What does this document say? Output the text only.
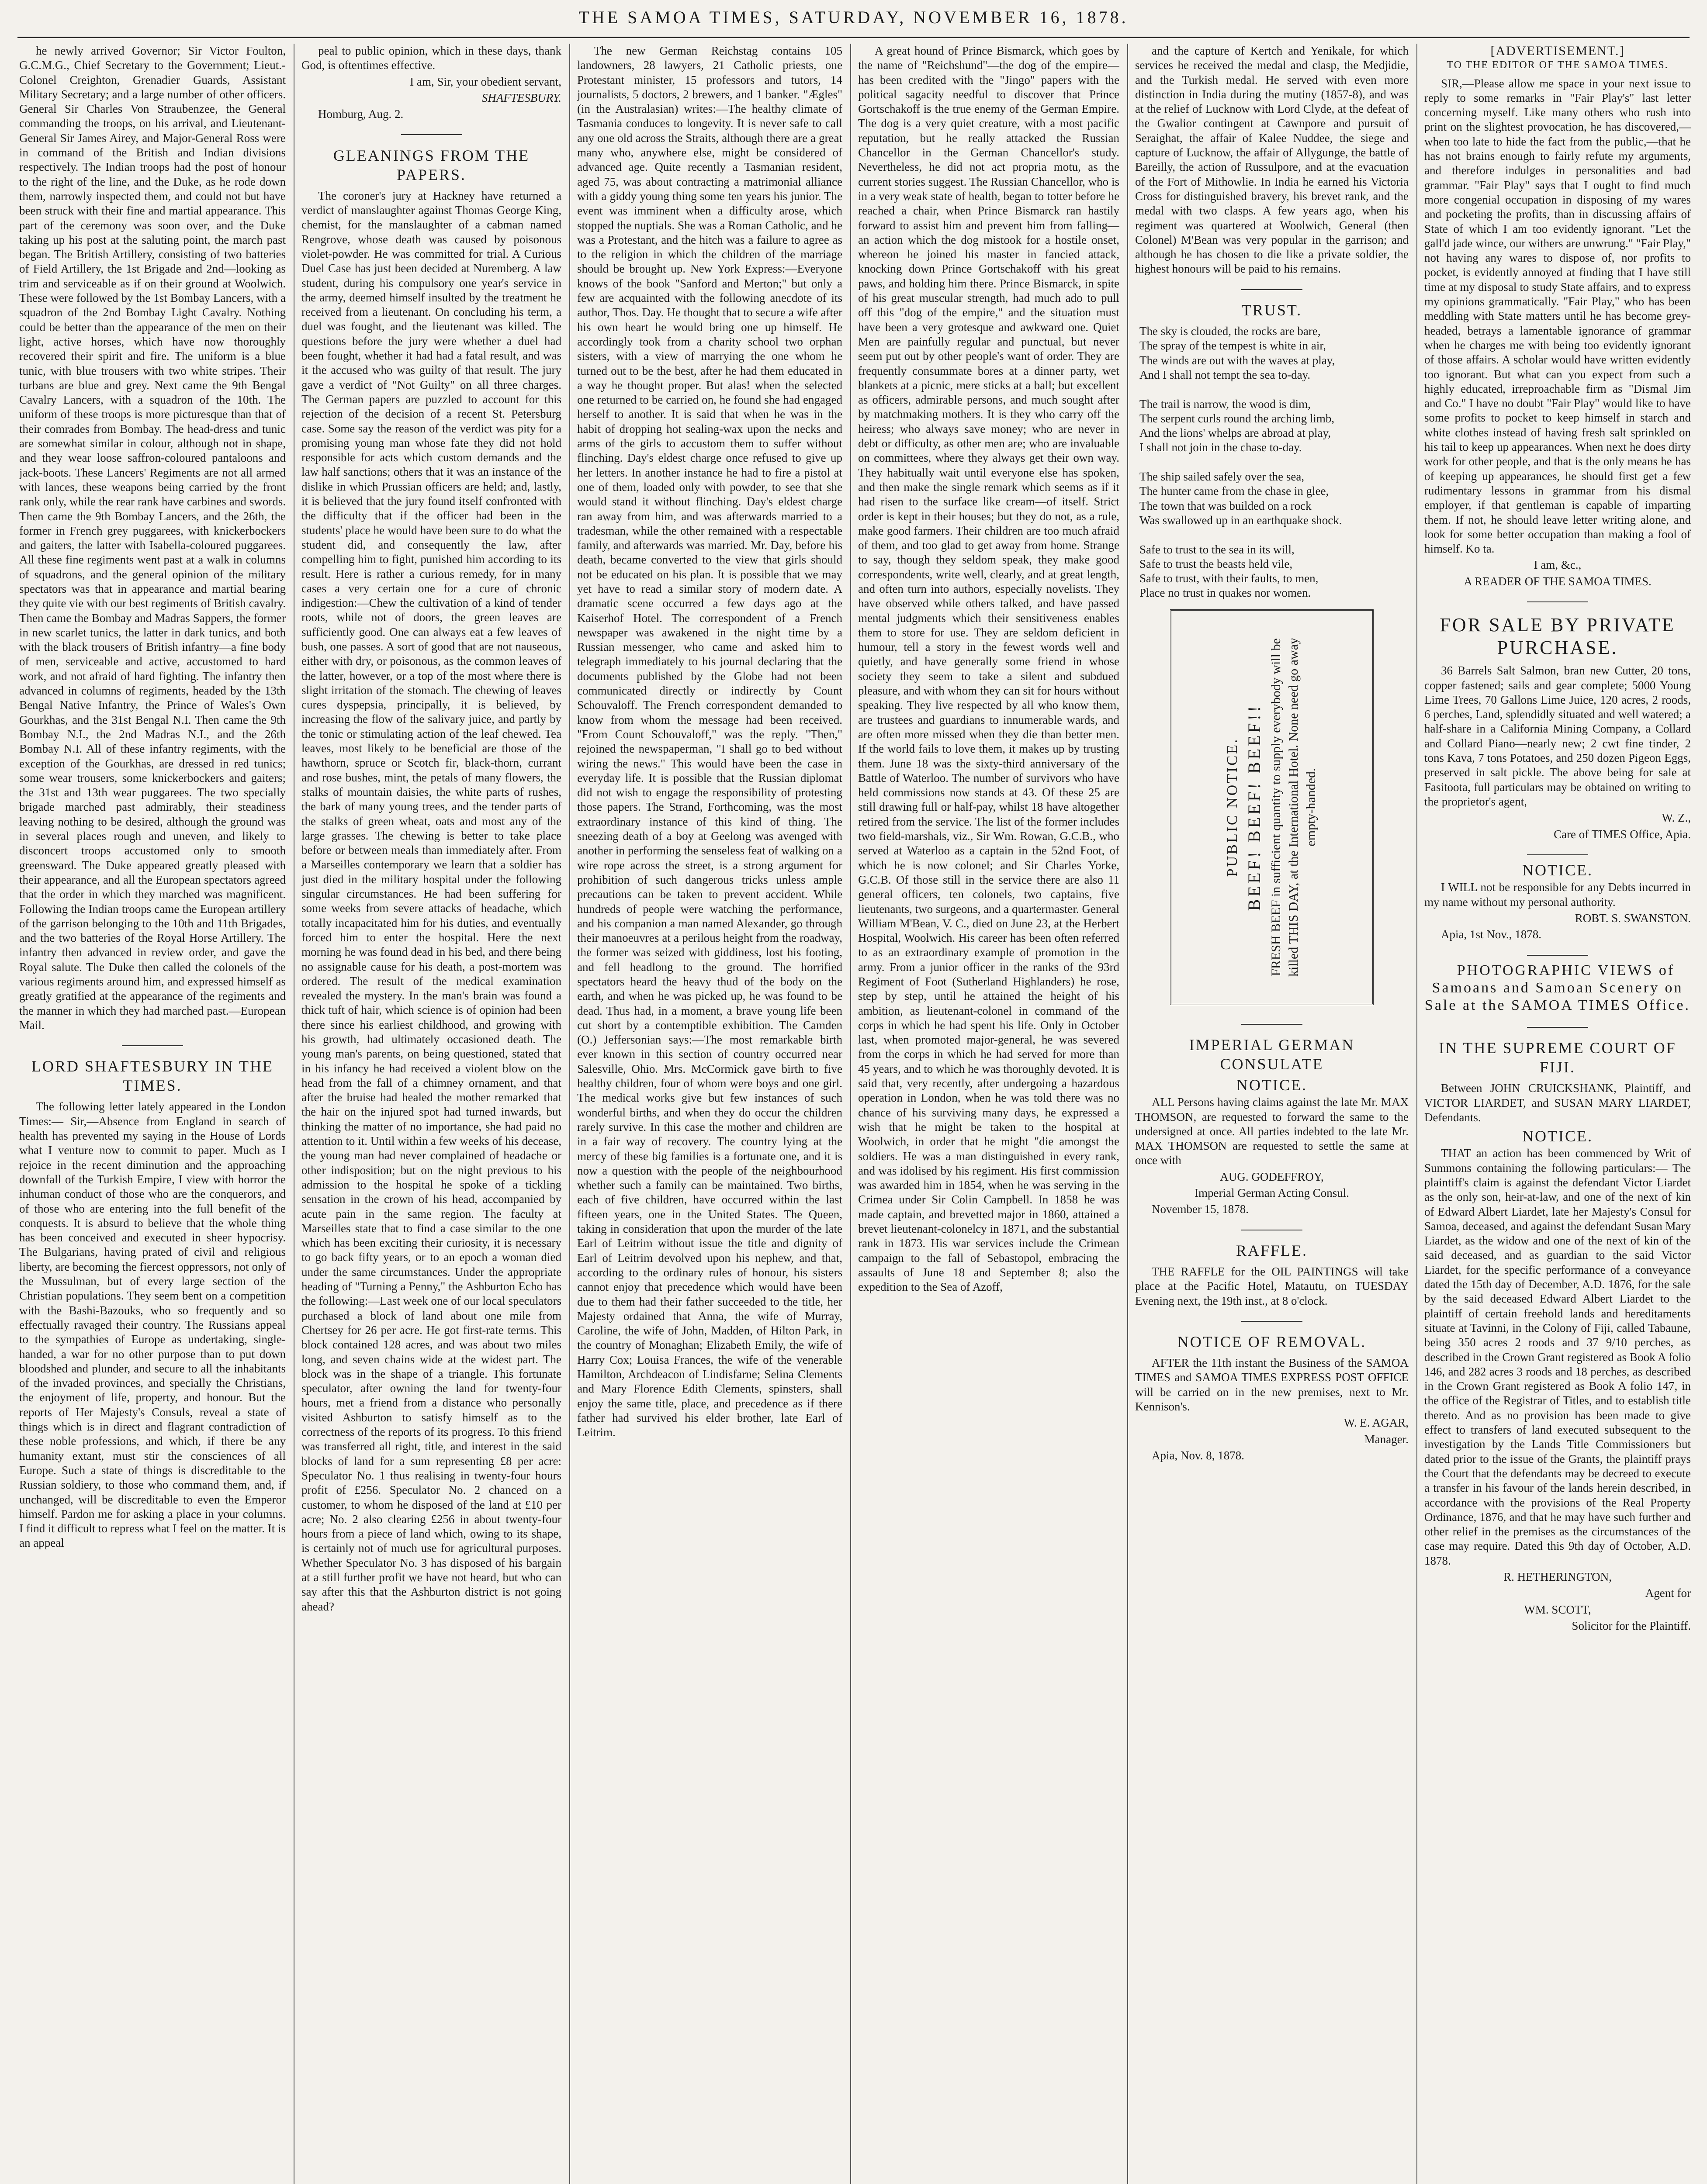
THE SAMOA TIMES, SATURDAY, NOVEMBER 16, 1878.

he newly arrived Governor; Sir Victor Foulton, G.C.M.G., Chief Secretary to the Government; Lieut.-Colonel Creighton, Grenadier Guards, Assistant Military Secretary; and a large number of other officers. General Sir Charles Von Straubenzee, the General commanding the troops, on his arrival, and Lieutenant-General Sir James Airey, and Major-General Ross were in command of the British and Indian divisions respectively. The Indian troops had the post of honour to the right of the line, and the Duke, as he rode down them, narrowly inspected them, and could not but have been struck with their fine and martial appearance. This part of the ceremony was soon over, and the Duke taking up his post at the saluting point, the march past began. The British Artillery, consisting of two batteries of Field Artillery, the 1st Brigade and 2nd—looking as trim and serviceable as if on their ground at Woolwich. These were followed by the 1st Bombay Lancers, with a squadron of the 2nd Bombay Light Cavalry. Nothing could be better than the appearance of the men on their light, active horses, which have now thoroughly recovered their spirit and fire. The uniform is a blue tunic, with blue trousers with two white stripes. Their turbans are blue and grey. Next came the 9th Bengal Cavalry Lancers, with a squadron of the 10th. The uniform of these troops is more picturesque than that of their comrades from Bombay. The head-dress and tunic are somewhat similar in colour, although not in shape, and they wear loose saffron-coloured pantaloons and jack-boots. These Lancers' Regiments are not all armed with lances, these weapons being carried by the front rank only, while the rear rank have carbines and swords. Then came the 9th Bombay Lancers, and the 26th, the former in French grey puggarees, with knickerbockers and gaiters, the latter with Isabella-coloured puggarees. All these fine regiments went past at a walk in columns of squadrons, and the general opinion of the military spectators was that in appearance and martial bearing they quite vie with our best regiments of British cavalry. Then came the Bombay and Madras Sappers, the former in new scarlet tunics, the latter in dark tunics, and both with the black trousers of British infantry—a fine body of men, serviceable and active, accustomed to hard work, and not afraid of hard fighting. The infantry then advanced in columns of regiments, headed by the 13th Bengal Native Infantry, the Prince of Wales's Own Gourkhas, and the 31st Bengal N.I. Then came the 9th Bombay N.I., the 2nd Madras N.I., and the 26th Bombay N.I. All of these infantry regiments, with the exception of the Gourkhas, are dressed in red tunics; some wear trousers, some knickerbockers and gaiters; the 31st and 13th wear puggarees. The two specially brigade marched past admirably, their steadiness leaving nothing to be desired, although the ground was in several places rough and uneven, and likely to disconcert troops accustomed only to smooth greensward. The Duke appeared greatly pleased with their appearance, and all the European spectators agreed that the order in which they marched was magnificent. Following the Indian troops came the European artillery of the garrison belonging to the 10th and 11th Brigades, and the two batteries of the Royal Horse Artillery. The infantry then advanced in review order, and gave the Royal salute. The Duke then called the colonels of the various regiments around him, and expressed himself as greatly gratified at the appearance of the regiments and the manner in which they had marched past.—European Mail.

LORD SHAFTESBURY IN THE TIMES.

The following letter lately appeared in the London Times:— Sir,—Absence from England in search of health has prevented my saying in the House of Lords what I venture now to commit to paper. Much as I rejoice in the recent diminution and the approaching downfall of the Turkish Empire, I view with horror the inhuman conduct of those who are the conquerors, and of those who are entering into the full benefit of the conquests. It is absurd to believe that the whole thing has been conceived and executed in sheer hypocrisy. The Bulgarians, having prated of civil and religious liberty, are becoming the fiercest oppressors, not only of the Mussulman, but of every large section of the Christian populations. They seem bent on a competition with the Bashi-Bazouks, who so frequently and so effectually ravaged their country. The Russians appeal to the sympathies of Europe as undertaking, single-handed, a war for no other purpose than to put down bloodshed and plunder, and secure to all the inhabitants of the invaded provinces, and specially the Christians, the enjoyment of life, property, and honour. But the reports of Her Majesty's Consuls, reveal a state of things which is in direct and flagrant contradiction of these noble professions, and which, if there be any humanity extant, must stir the consciences of all Europe. Such a state of things is discreditable to the Russian soldiery, to those who command them, and, if unchanged, will be discreditable to even the Emperor himself. Pardon me for asking a place in your columns. I find it difficult to repress what I feel on the matter. It is an appeal

peal to public opinion, which in these days, thank God, is oftentimes effective.

I am, Sir, your obedient servant,

SHAFTESBURY.

Homburg, Aug. 2.

GLEANINGS FROM THE PAPERS.

The coroner's jury at Hackney have returned a verdict of manslaughter against Thomas George King, chemist, for the manslaughter of a cabman named Rengrove, whose death was caused by poisonous violet-powder. He was committed for trial. A Curious Duel Case has just been decided at Nuremberg. A law student, during his compulsory one year's service in the army, deemed himself insulted by the treatment he received from a lieutenant. On concluding his term, a duel was fought, and the lieutenant was killed. The questions before the jury were whether a duel had been fought, whether it had had a fatal result, and was it the accused who was guilty of that result. The jury gave a verdict of "Not Guilty" on all three charges. The German papers are puzzled to account for this rejection of the decision of a recent St. Petersburg case. Some say the reason of the verdict was pity for a promising young man whose fate they did not hold responsible for acts which custom demands and the law half sanctions; others that it was an instance of the dislike in which Prussian officers are held; and, lastly, it is believed that the jury found itself confronted with the difficulty that if the officer had been in the students' place he would have been sure to do what the student did, and consequently the law, after compelling him to fight, punished him according to its result. Here is rather a curious remedy, for in many cases a very certain one for a cure of chronic indigestion:—Chew the cultivation of a kind of tender roots, while not of doors, the green leaves are sufficiently good. One can always eat a few leaves of bush, one passes. A sort of good that are not nauseous, either with dry, or poisonous, as the common leaves of the latter, however, or a top of the most where there is slight irritation of the stomach. The chewing of leaves cures dyspepsia, principally, it is believed, by increasing the flow of the salivary juice, and partly by the tonic or stimulating action of the leaf chewed. Tea leaves, most likely to be beneficial are those of the hawthorn, spruce or Scotch fir, black-thorn, currant and rose bushes, mint, the petals of many flowers, the stalks of mountain daisies, the white parts of rushes, the bark of many young trees, and the tender parts of the stalks of green wheat, oats and most any of the large grasses. The chewing is better to take place before or between meals than immediately after. From a Marseilles contemporary we learn that a soldier has just died in the military hospital under the following singular circumstances. He had been suffering for some weeks from severe attacks of headache, which totally incapacitated him for his duties, and eventually forced him to enter the hospital. Here the next morning he was found dead in his bed, and there being no assignable cause for his death, a post-mortem was ordered. The result of the medical examination revealed the mystery. In the man's brain was found a thick tuft of hair, which science is of opinion had been there since his earliest childhood, and growing with his growth, had ultimately occasioned death. The young man's parents, on being questioned, stated that in his infancy he had received a violent blow on the head from the fall of a chimney ornament, and that after the bruise had healed the mother remarked that the hair on the injured spot had turned inwards, but thinking the matter of no importance, she had paid no attention to it. Until within a few weeks of his decease, the young man had never complained of headache or other indisposition; but on the night previous to his admission to the hospital he spoke of a tickling sensation in the crown of his head, accompanied by acute pain in the same region. The faculty at Marseilles state that to find a case similar to the one which has been exciting their curiosity, it is necessary to go back fifty years, or to an epoch a woman died under the same circumstances. Under the appropriate heading of "Turning a Penny," the Ashburton Echo has the following:—Last week one of our local speculators purchased a block of land about one mile from Chertsey for 26 per acre. He got first-rate terms. This block contained 128 acres, and was about two miles long, and seven chains wide at the widest part. The block was in the shape of a triangle. This fortunate speculator, after owning the land for twenty-four hours, met a friend from a distance who personally visited Ashburton to satisfy himself as to the correctness of the reports of its progress. To this friend was transferred all right, title, and interest in the said blocks of land for a sum representing £8 per acre: Speculator No. 1 thus realising in twenty-four hours profit of £256. Speculator No. 2 chanced on a customer, to whom he disposed of the land at £10 per acre; No. 2 also clearing £256 in about twenty-four hours from a piece of land which, owing to its shape, is certainly not of much use for agricultural purposes. Whether Speculator No. 3 has disposed of his bargain at a still further profit we have not heard, but who can say after this that the Ashburton district is not going ahead?

The new German Reichstag contains 105 landowners, 28 lawyers, 21 Catholic priests, one Protestant minister, 15 professors and tutors, 14 journalists, 5 doctors, 2 brewers, and 1 banker. "Ægles" (in the Australasian) writes:—The healthy climate of Tasmania conduces to longevity. It is never safe to call any one old across the Straits, although there are a great many who, anywhere else, might be considered of advanced age. Quite recently a Tasmanian resident, aged 75, was about contracting a matrimonial alliance with a giddy young thing some ten years his junior. The event was imminent when a difficulty arose, which stopped the nuptials. She was a Roman Catholic, and he was a Protestant, and the hitch was a failure to agree as to the religion in which the children of the marriage should be brought up. New York Express:—Everyone knows of the book "Sanford and Merton;" but only a few are acquainted with the following anecdote of its author, Thos. Day. He thought that to secure a wife after his own heart he would bring one up himself. He accordingly took from a charity school two orphan sisters, with a view of marrying the one whom he turned out to be the best, after he had them educated in a way he thought proper. But alas! when the selected one returned to be carried on, he found she had engaged herself to another. It is said that when he was in the habit of dropping hot sealing-wax upon the necks and arms of the girls to accustom them to suffer without flinching. Day's eldest charge once refused to give up her letters. In another instance he had to fire a pistol at one of them, loaded only with powder, to see that she would stand it without flinching. Day's eldest charge ran away from him, and was afterwards married to a tradesman, while the other remained with a respectable family, and afterwards was married. Mr. Day, before his death, became converted to the view that girls should not be educated on his plan. It is possible that we may yet have to read a similar story of modern date. A dramatic scene occurred a few days ago at the Kaiserhof Hotel. The correspondent of a French newspaper was awakened in the night time by a Russian messenger, who came and asked him to telegraph immediately to his journal declaring that the documents published by the Globe had not been communicated directly or indirectly by Count Schouvaloff. The French correspondent demanded to know from whom the message had been received. "From Count Schouvaloff," was the reply. "Then," rejoined the newspaperman, "I shall go to bed without wiring the news." This would have been the case in everyday life. It is possible that the Russian diplomat did not wish to engage the responsibility of protesting those papers. The Strand, Forthcoming, was the most extraordinary instance of this kind of thing. The sneezing death of a boy at Geelong was avenged with another in performing the senseless feat of walking on a wire rope across the street, is a strong argument for prohibition of such dangerous tricks unless ample precautions can be taken to prevent accident. While hundreds of people were watching the performance, and his companion a man named Alexander, go through their manoeuvres at a perilous height from the roadway, the former was seized with giddiness, lost his footing, and fell headlong to the ground. The horrified spectators heard the heavy thud of the body on the earth, and when he was picked up, he was found to be dead. Thus had, in a moment, a brave young life been cut short by a contemptible exhibition. The Camden (O.) Jeffersonian says:—The most remarkable birth ever known in this section of country occurred near Salesville, Ohio. Mrs. McCormick gave birth to five healthy children, four of whom were boys and one girl. The medical works give but few instances of such wonderful births, and when they do occur the children rarely survive. In this case the mother and children are in a fair way of recovery. The country lying at the mercy of these big families is a fortunate one, and it is now a question with the people of the neighbourhood whether such a family can be maintained. Two births, each of five children, have occurred within the last fifteen years, one in the United States. The Queen, taking in consideration that upon the murder of the late Earl of Leitrim without issue the title and dignity of Earl of Leitrim devolved upon his nephew, and that, according to the ordinary rules of honour, his sisters cannot enjoy that precedence which would have been due to them had their father succeeded to the title, her Majesty ordained that Anna, the wife of Murray, Caroline, the wife of John, Madden, of Hilton Park, in the country of Monaghan; Elizabeth Emily, the wife of Harry Cox; Louisa Frances, the wife of the venerable Hamilton, Archdeacon of Lindisfarne; Selina Clements and Mary Florence Edith Clements, spinsters, shall enjoy the same title, place, and precedence as if there father had survived his elder brother, late Earl of Leitrim.

A great hound of Prince Bismarck, which goes by the name of "Reichshund"—the dog of the empire—has been credited with the "Jingo" papers with the political sagacity needful to discover that Prince Gortschakoff is the true enemy of the German Empire. The dog is a very quiet creature, with a most pacific reputation, but he really attacked the Russian Chancellor in the German Chancellor's study. Nevertheless, he did not act propria motu, as the current stories suggest. The Russian Chancellor, who is in a very weak state of health, began to totter before he reached a chair, when Prince Bismarck ran hastily forward to assist him and prevent him from falling—an action which the dog mistook for a hostile onset, whereon he joined his master in fancied attack, knocking down Prince Gortschakoff with his great paws, and holding him there. Prince Bismarck, in spite of his great muscular strength, had much ado to pull off this "dog of the empire," and the situation must have been a very grotesque and awkward one. Quiet Men are painfully regular and punctual, but never seem put out by other people's want of order. They are frequently consummate bores at a dinner party, wet blankets at a picnic, mere sticks at a ball; but excellent as officers, admirable persons, and much sought after by matchmaking mothers. It is they who carry off the heiress; who always save money; who are never in debt or difficulty, as other men are; who are invaluable on committees, where they always get their own way. They habitually wait until everyone else has spoken, and then make the single remark which seems as if it had risen to the surface like cream—of itself. Strict order is kept in their houses; but they do not, as a rule, make good farmers. Their children are too much afraid of them, and too glad to get away from home. Strange to say, though they seldom speak, they make good correspondents, write well, clearly, and at great length, and often turn into authors, especially novelists. They have observed while others talked, and have passed mental judgments which their sensitiveness enables them to store for use. They are seldom deficient in humour, tell a story in the fewest words well and quietly, and have generally some friend in whose society they seem to take a silent and subdued pleasure, and with whom they can sit for hours without speaking. They live respected by all who know them, are trustees and guardians to innumerable wards, and are often more missed when they die than better men. If the world fails to love them, it makes up by trusting them. June 18 was the sixty-third anniversary of the Battle of Waterloo. The number of survivors who have held commissions now stands at 43. Of these 25 are still drawing full or half-pay, whilst 18 have altogether retired from the service. The list of the former includes two field-marshals, viz., Sir Wm. Rowan, G.C.B., who served at Waterloo as a captain in the 52nd Foot, of which he is now colonel; and Sir Charles Yorke, G.C.B. Of those still in the service there are also 11 general officers, ten colonels, two captains, five lieutenants, two surgeons, and a quartermaster. General William M'Bean, V. C., died on June 23, at the Herbert Hospital, Woolwich. His career has been often referred to as an extraordinary example of promotion in the army. From a junior officer in the ranks of the 93rd Regiment of Foot (Sutherland Highlanders) he rose, step by step, until he attained the height of his ambition, as lieutenant-colonel in command of the corps in which he had spent his life. Only in October last, when promoted major-general, he was severed from the corps in which he had served for more than 45 years, and to which he was thoroughly devoted. It is said that, very recently, after undergoing a hazardous operation in London, when he was told there was no chance of his surviving many days, he expressed a wish that he might be taken to the hospital at Woolwich, in order that he might "die amongst the soldiers. He was a man distinguished in every rank, and was idolised by his regiment. His first commission was awarded him in 1854, when he was serving in the Crimea under Sir Colin Campbell. In 1858 he was made captain, and brevetted major in 1860, attained a brevet lieutenant-colonelcy in 1871, and the substantial rank in 1873. His war services include the Crimean campaign to the fall of Sebastopol, embracing the assaults of June 18 and September 8; also the expedition to the Sea of Azoff,

and the capture of Kertch and Yenikale, for which services he received the medal and clasp, the Medjidie, and the Turkish medal. He served with even more distinction in India during the mutiny (1857-8), and was at the relief of Lucknow with Lord Clyde, at the defeat of the Gwalior contingent at Cawnpore and pursuit of Seraighat, the affair of Kalee Nuddee, the siege and capture of Lucknow, the affair of Allygunge, the battle of Bareilly, the action of Russulpore, and at the evacuation of the Fort of Mithowlie. In India he earned his Victoria Cross for distinguished bravery, his brevet rank, and the medal with two clasps. A few years ago, when his regiment was quartered at Woolwich, General (then Colonel) M'Bean was very popular in the garrison; and although he has chosen to die like a private soldier, the highest honours will be paid to his remains.

TRUST.
The sky is clouded, the rocks are bare,
The spray of the tempest is white in air,
The winds are out with the waves at play,
And I shall not tempt the sea to-day.

The trail is narrow, the wood is dim,
The serpent curls round the arching limb,
And the lions' whelps are abroad at play,
I shall not join in the chase to-day.

The ship sailed safely over the sea,
The hunter came from the chase in glee,
The town that was builded on a rock
Was swallowed up in an earthquake shock.

Safe to trust to the sea in its will,
Safe to trust the beasts held vile,
Safe to trust, with their faults, to men,
Place no trust in quakes nor women.
PUBLIC NOTICE. BEEF! BEEF! BEEF!! FRESH BEEF in sufficient quantity to supply everybody will be killed THIS DAY, at the International Hotel. None need go away empty-handed.
IMPERIAL GERMAN CONSULATE
NOTICE.

ALL Persons having claims against the late Mr. MAX THOMSON, are requested to forward the same to the undersigned at once. All parties indebted to the late Mr. MAX THOMSON are requested to settle the same at once with

AUG. GODEFFROY,

Imperial German Acting Consul.

November 15, 1878.

RAFFLE.

THE RAFFLE for the OIL PAINTINGS will take place at the Pacific Hotel, Matautu, on TUESDAY Evening next, the 19th inst., at 8 o'clock.

NOTICE OF REMOVAL.

AFTER the 11th instant the Business of the SAMOA TIMES and SAMOA TIMES EXPRESS POST OFFICE will be carried on in the new premises, next to Mr. Kennison's.

W. E. AGAR,

Manager.

Apia, Nov. 8, 1878.

[ADVERTISEMENT.]
TO THE EDITOR OF THE SAMOA TIMES.

SIR,—Please allow me space in your next issue to reply to some remarks in "Fair Play's" last letter concerning myself. Like many others who rush into print on the slightest provocation, he has discovered,—when too late to hide the fact from the public,—that he has not brains enough to fairly refute my arguments, and therefore indulges in personalities and bad grammar. "Fair Play" says that I ought to find much more congenial occupation in disposing of my wares and pocketing the profits, than in discussing affairs of State of which I am too evidently ignorant. "Let the gall'd jade wince, our withers are unwrung." "Fair Play," not having any wares to dispose of, nor profits to pocket, is evidently annoyed at finding that I have still time at my disposal to study State affairs, and to express my opinions grammatically. "Fair Play," who has been meddling with State matters until he has become grey-headed, betrays a lamentable ignorance of grammar when he charges me with being too evidently ignorant of those affairs. A scholar would have written evidently too ignorant. But what can you expect from such a highly educated, irreproachable firm as "Dismal Jim and Co." I have no doubt "Fair Play" would like to have some profits to pocket to keep himself in starch and white clothes instead of having fresh salt sprinkled on his tail to keep up appearances. When next he does dirty work for other people, and that is the only means he has of keeping up appearances, he should first get a few rudimentary lessons in grammar from his dismal employer, if that gentleman is capable of imparting them. If not, he should leave letter writing alone, and look for some better occupation than making a fool of himself. Ko ta.

I am, &c.,

A READER OF THE SAMOA TIMES.

FOR SALE BY PRIVATE PURCHASE.

36 Barrels Salt Salmon, bran new Cutter, 20 tons, copper fastened; sails and gear complete; 5000 Young Lime Trees, 70 Gallons Lime Juice, 120 acres, 2 roods, 6 perches, Land, splendidly situated and well watered; a half-share in a California Mining Company, a Collard and Collard Piano—nearly new; 2 cwt fine tinder, 2 tons Kava, 7 tons Potatoes, and 250 dozen Pigeon Eggs, preserved in salt pickle. The above being for sale at Fasitoota, full particulars may be obtained on writing to the proprietor's agent,

W. Z.,

Care of TIMES Office, Apia.

NOTICE.

I WILL not be responsible for any Debts incurred in my name without my personal authority.

ROBT. S. SWANSTON.

Apia, 1st Nov., 1878.

PHOTOGRAPHIC VIEWS of Samoans and Samoan Scenery on Sale at the SAMOA TIMES Office.

IN THE SUPREME COURT OF FIJI.

Between JOHN CRUICKSHANK, Plaintiff, and VICTOR LIARDET, and SUSAN MARY LIARDET, Defendants.

NOTICE.

THAT an action has been commenced by Writ of Summons containing the following particulars:— The plaintiff's claim is against the defendant Victor Liardet as the only son, heir-at-law, and one of the next of kin of Edward Albert Liardet, late her Majesty's Consul for Samoa, deceased, and against the defendant Susan Mary Liardet, as the widow and one of the next of kin of the said deceased, and as guardian to the said Victor Liardet, for the specific performance of a conveyance dated the 15th day of December, A.D. 1876, for the sale by the said deceased Edward Albert Liardet to the plaintiff of certain freehold lands and hereditaments situate at Tavinni, in the Colony of Fiji, called Tabaune, being 350 acres 2 roods and 37 9/10 perches, as described in the Crown Grant registered as Book A folio 146, and 282 acres 3 roods and 18 perches, as described in the Crown Grant registered as Book A folio 147, in the office of the Registrar of Titles, and to establish title thereto. And as no provision has been made to give effect to transfers of land executed subsequent to the investigation by the Lands Title Commissioners but dated prior to the issue of the Grants, the plaintiff prays the Court that the defendants may be decreed to execute a transfer in his favour of the lands herein described, in accordance with the provisions of the Real Property Ordinance, 1876, and that he may have such further and other relief in the premises as the circumstances of the case may require. Dated this 9th day of October, A.D. 1878.

R. HETHERINGTON,

Agent for

WM. SCOTT,

Solicitor for the Plaintiff.
